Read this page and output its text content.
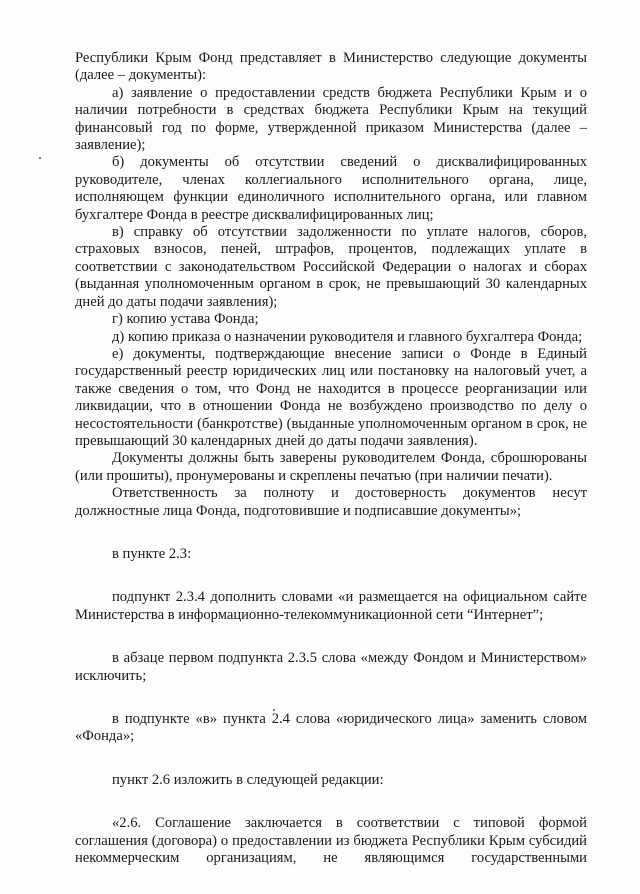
Республики Крым Фонд представляет в Министерство следующие документы (далее – документы):

а) заявление о предоставлении средств бюджета Республики Крым и о наличии потребности в средствах бюджета Республики Крым на текущий финансовый год по форме, утвержденной приказом Министерства (далее – заявление);

б) документы об отсутствии сведений о дисквалифицированных руководителе, членах коллегиального исполнительного органа, лице, исполняющем функции единоличного исполнительного органа, или главном бухгалтере Фонда в реестре дисквалифицированных лиц;

в) справку об отсутствии задолженности по уплате налогов, сборов, страховых взносов, пеней, штрафов, процентов, подлежащих уплате в соответствии с законодательством Российской Федерации о налогах и сборах (выданная уполномоченным органом в срок, не превышающий 30 календарных дней до даты подачи заявления);

г) копию устава Фонда;

д) копию приказа о назначении руководителя и главного бухгалтера Фонда;

е) документы, подтверждающие внесение записи о Фонде в Единый государственный реестр юридических лиц или постановку на налоговый учет, а также сведения о том, что Фонд не находится в процессе реорганизации или ликвидации, что в отношении Фонда не возбуждено производство по делу о несостоятельности (банкротстве) (выданные уполномоченным органом в срок, не превышающий 30 календарных дней до даты подачи заявления).

Документы должны быть заверены руководителем Фонда, сброшюрованы (или прошиты), пронумерованы и скреплены печатью (при наличии печати).

Ответственность за полноту и достоверность документов несут должностные лица Фонда, подготовившие и подписавшие документы»;

в пункте 2.3:

подпункт 2.3.4 дополнить словами «и размещается на официальном сайте Министерства в информационно-телекоммуникационной сети “Интернет”;

в абзаце первом подпункта 2.3.5 слова «между Фондом и Министерством» исключить;

в подпункте «в» пункта 2.4 слова «юридического лица» заменить словом «Фонда»;

пункт 2.6 изложить в следующей редакции:

«2.6. Соглашение заключается в соответствии с типовой формой соглашения (договора) о предоставлении из бюджета Республики Крым субсидий некоммерческим организациям, не являющимся государственными
